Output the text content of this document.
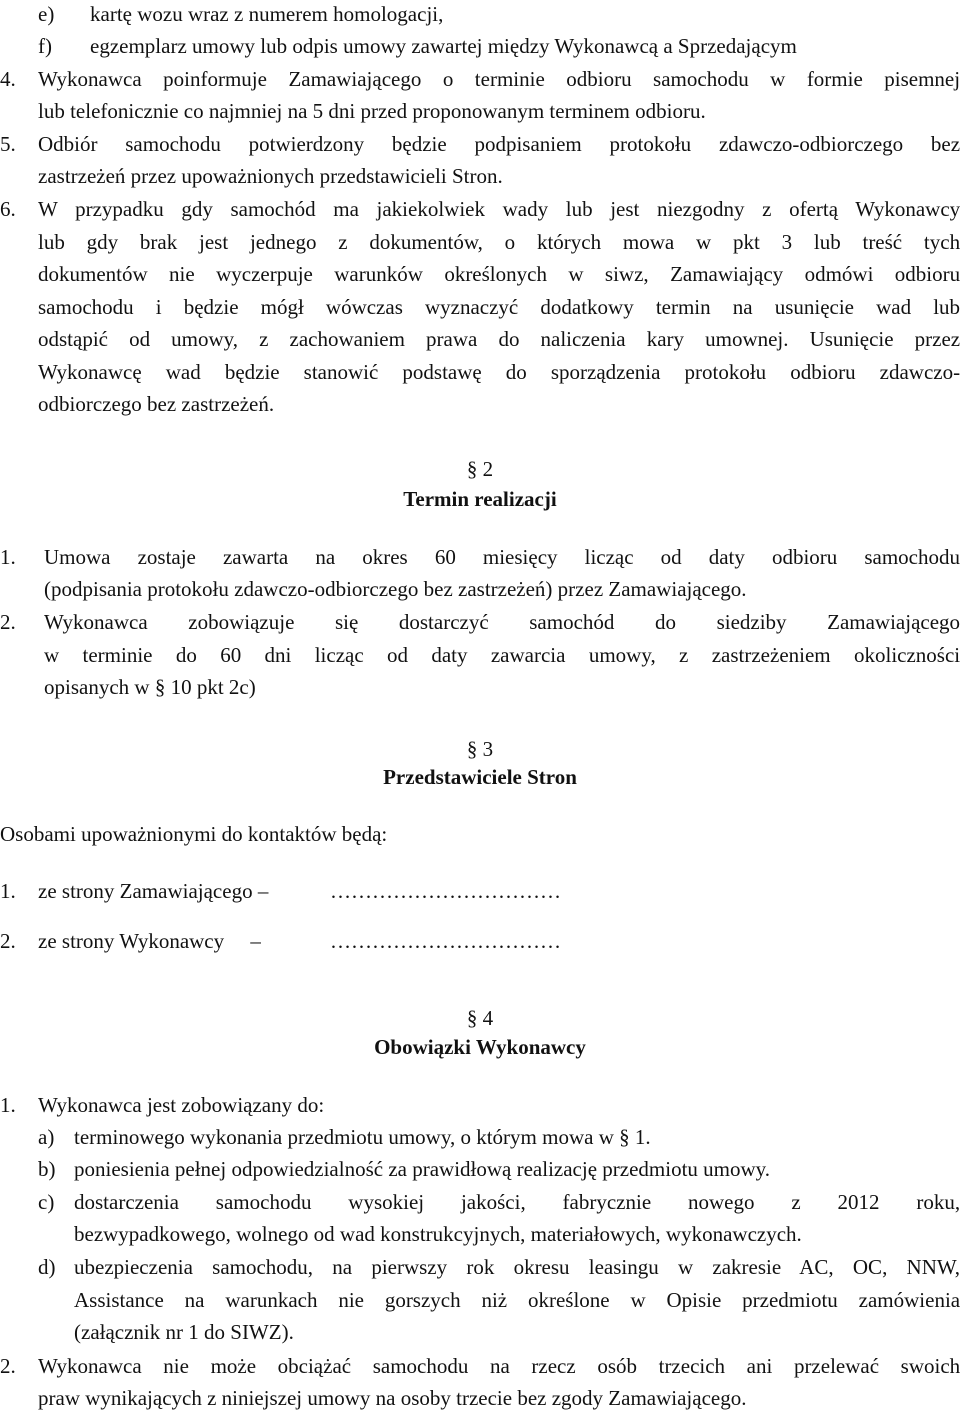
e) kartę wozu wraz z numerem homologacji,
f) egzemplarz umowy lub odpis umowy zawartej między Wykonawcą a Sprzedającym
4. Wykonawca poinformuje Zamawiającego o terminie odbioru samochodu w formie pisemnej
lub telefonicznie co najmniej na 5 dni przed proponowanym terminem odbioru.
5. Odbiór samochodu potwierdzony będzie podpisaniem protokołu zdawczo-odbiorczego bez
zastrzeżeń przez upoważnionych przedstawicieli Stron.
6. W przypadku gdy samochód ma jakiekolwiek wady lub jest niezgodny z ofertą Wykonawcy
lub gdy brak jest jednego z dokumentów, o których mowa w pkt 3 lub treść tych
dokumentów nie wyczerpuje warunków określonych w siwz, Zamawiający odmówi odbioru
samochodu i będzie mógł wówczas wyznaczyć dodatkowy termin na usunięcie wad lub
odstąpić od umowy, z zachowaniem prawa do naliczenia kary umownej. Usunięcie przez
Wykonawcę wad będzie stanowić podstawę do sporządzenia protokołu odbioru zdawczo-
odbiorczego bez zastrzeżeń.
§ 2
Termin realizacji
1. Umowa zostaje zawarta na okres 60 miesięcy licząc od daty odbioru samochodu
(podpisania protokołu zdawczo-odbiorczego bez zastrzeżeń) przez Zamawiającego.
2. Wykonawca zobowiązuje się dostarczyć samochód do siedziby Zamawiającego
w terminie do 60 dni licząc od daty zawarcia umowy, z zastrzeżeniem okoliczności
opisanych w § 10 pkt 2c)
§ 3
Przedstawiciele Stron
Osobami upoważnionymi do kontaktów będą:
1. ze strony Zamawiającego –	……………………………
2. ze strony Wykonawcy     –	……………………………
§ 4
Obowiązki Wykonawcy
1. Wykonawca jest zobowiązany do:
a) terminowego wykonania przedmiotu umowy, o którym mowa w § 1.
b) poniesienia pełnej odpowiedzialność za prawidłową realizację przedmiotu umowy.
c) dostarczenia samochodu wysokiej jakości, fabrycznie nowego z 2012 roku,
bezwypadkowego, wolnego od wad konstrukcyjnych, materiałowych, wykonawczych.
d) ubezpieczenia samochodu, na pierwszy rok okresu leasingu w zakresie AC, OC, NNW,
Assistance na warunkach nie gorszych niż określone w Opisie przedmiotu zamówienia
(załącznik nr 1 do SIWZ).
2. Wykonawca nie może obciążać samochodu na rzecz osób trzecich ani przelewać swoich
praw wynikających z niniejszej umowy na osoby trzecie bez zgody Zamawiającego.
